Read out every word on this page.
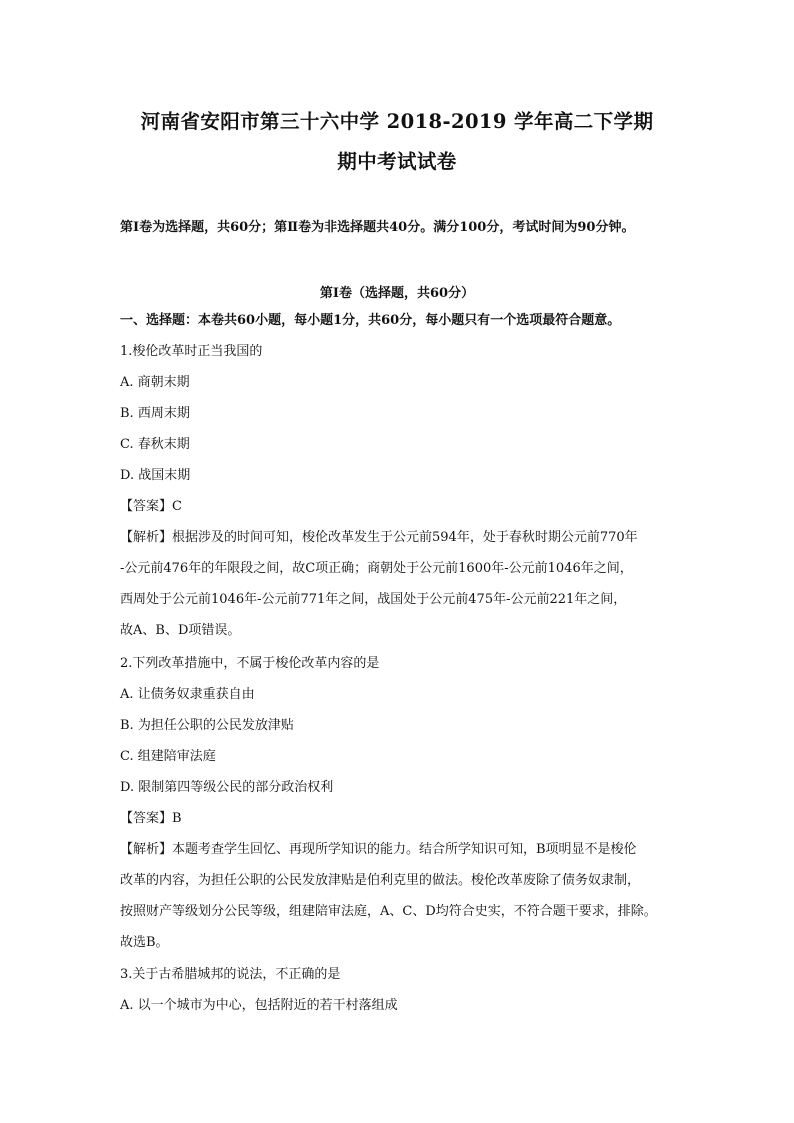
河南省安阳市第三十六中学 2018-2019 学年高二下学期
期中考试试卷
第Ⅰ卷为选择题，共60分；第Ⅱ卷为非选择题共40分。满分100分，考试时间为90分钟。
第Ⅰ卷（选择题，共60分）
一、选择题：本卷共60小题，每小题1分，共60分，每小题只有一个选项最符合题意。
1.梭伦改革时正当我国的
A. 商朝末期
B. 西周末期
C. 春秋末期
D. 战国末期
【答案】C
【解析】根据涉及的时间可知，梭伦改革发生于公元前594年，处于春秋时期公元前770年
-公元前476年的年限段之间，故C项正确；商朝处于公元前1600年-公元前1046年之间，
西周处于公元前1046年-公元前771年之间，战国处于公元前475年-公元前221年之间，
故A、B、D项错误。
2.下列改革措施中，不属于梭伦改革内容的是
A. 让债务奴隶重获自由
B. 为担任公职的公民发放津贴
C. 组建陪审法庭
D. 限制第四等级公民的部分政治权利
【答案】B
【解析】本题考查学生回忆、再现所学知识的能力。结合所学知识可知，B项明显不是梭伦
改革的内容，为担任公职的公民发放津贴是伯利克里的做法。梭伦改革废除了债务奴隶制，
按照财产等级划分公民等级，组建陪审法庭，A、C、D均符合史实，不符合题干要求，排除。
故选B。
3.关于古希腊城邦的说法，不正确的是
A. 以一个城市为中心，包括附近的若干村落组成
